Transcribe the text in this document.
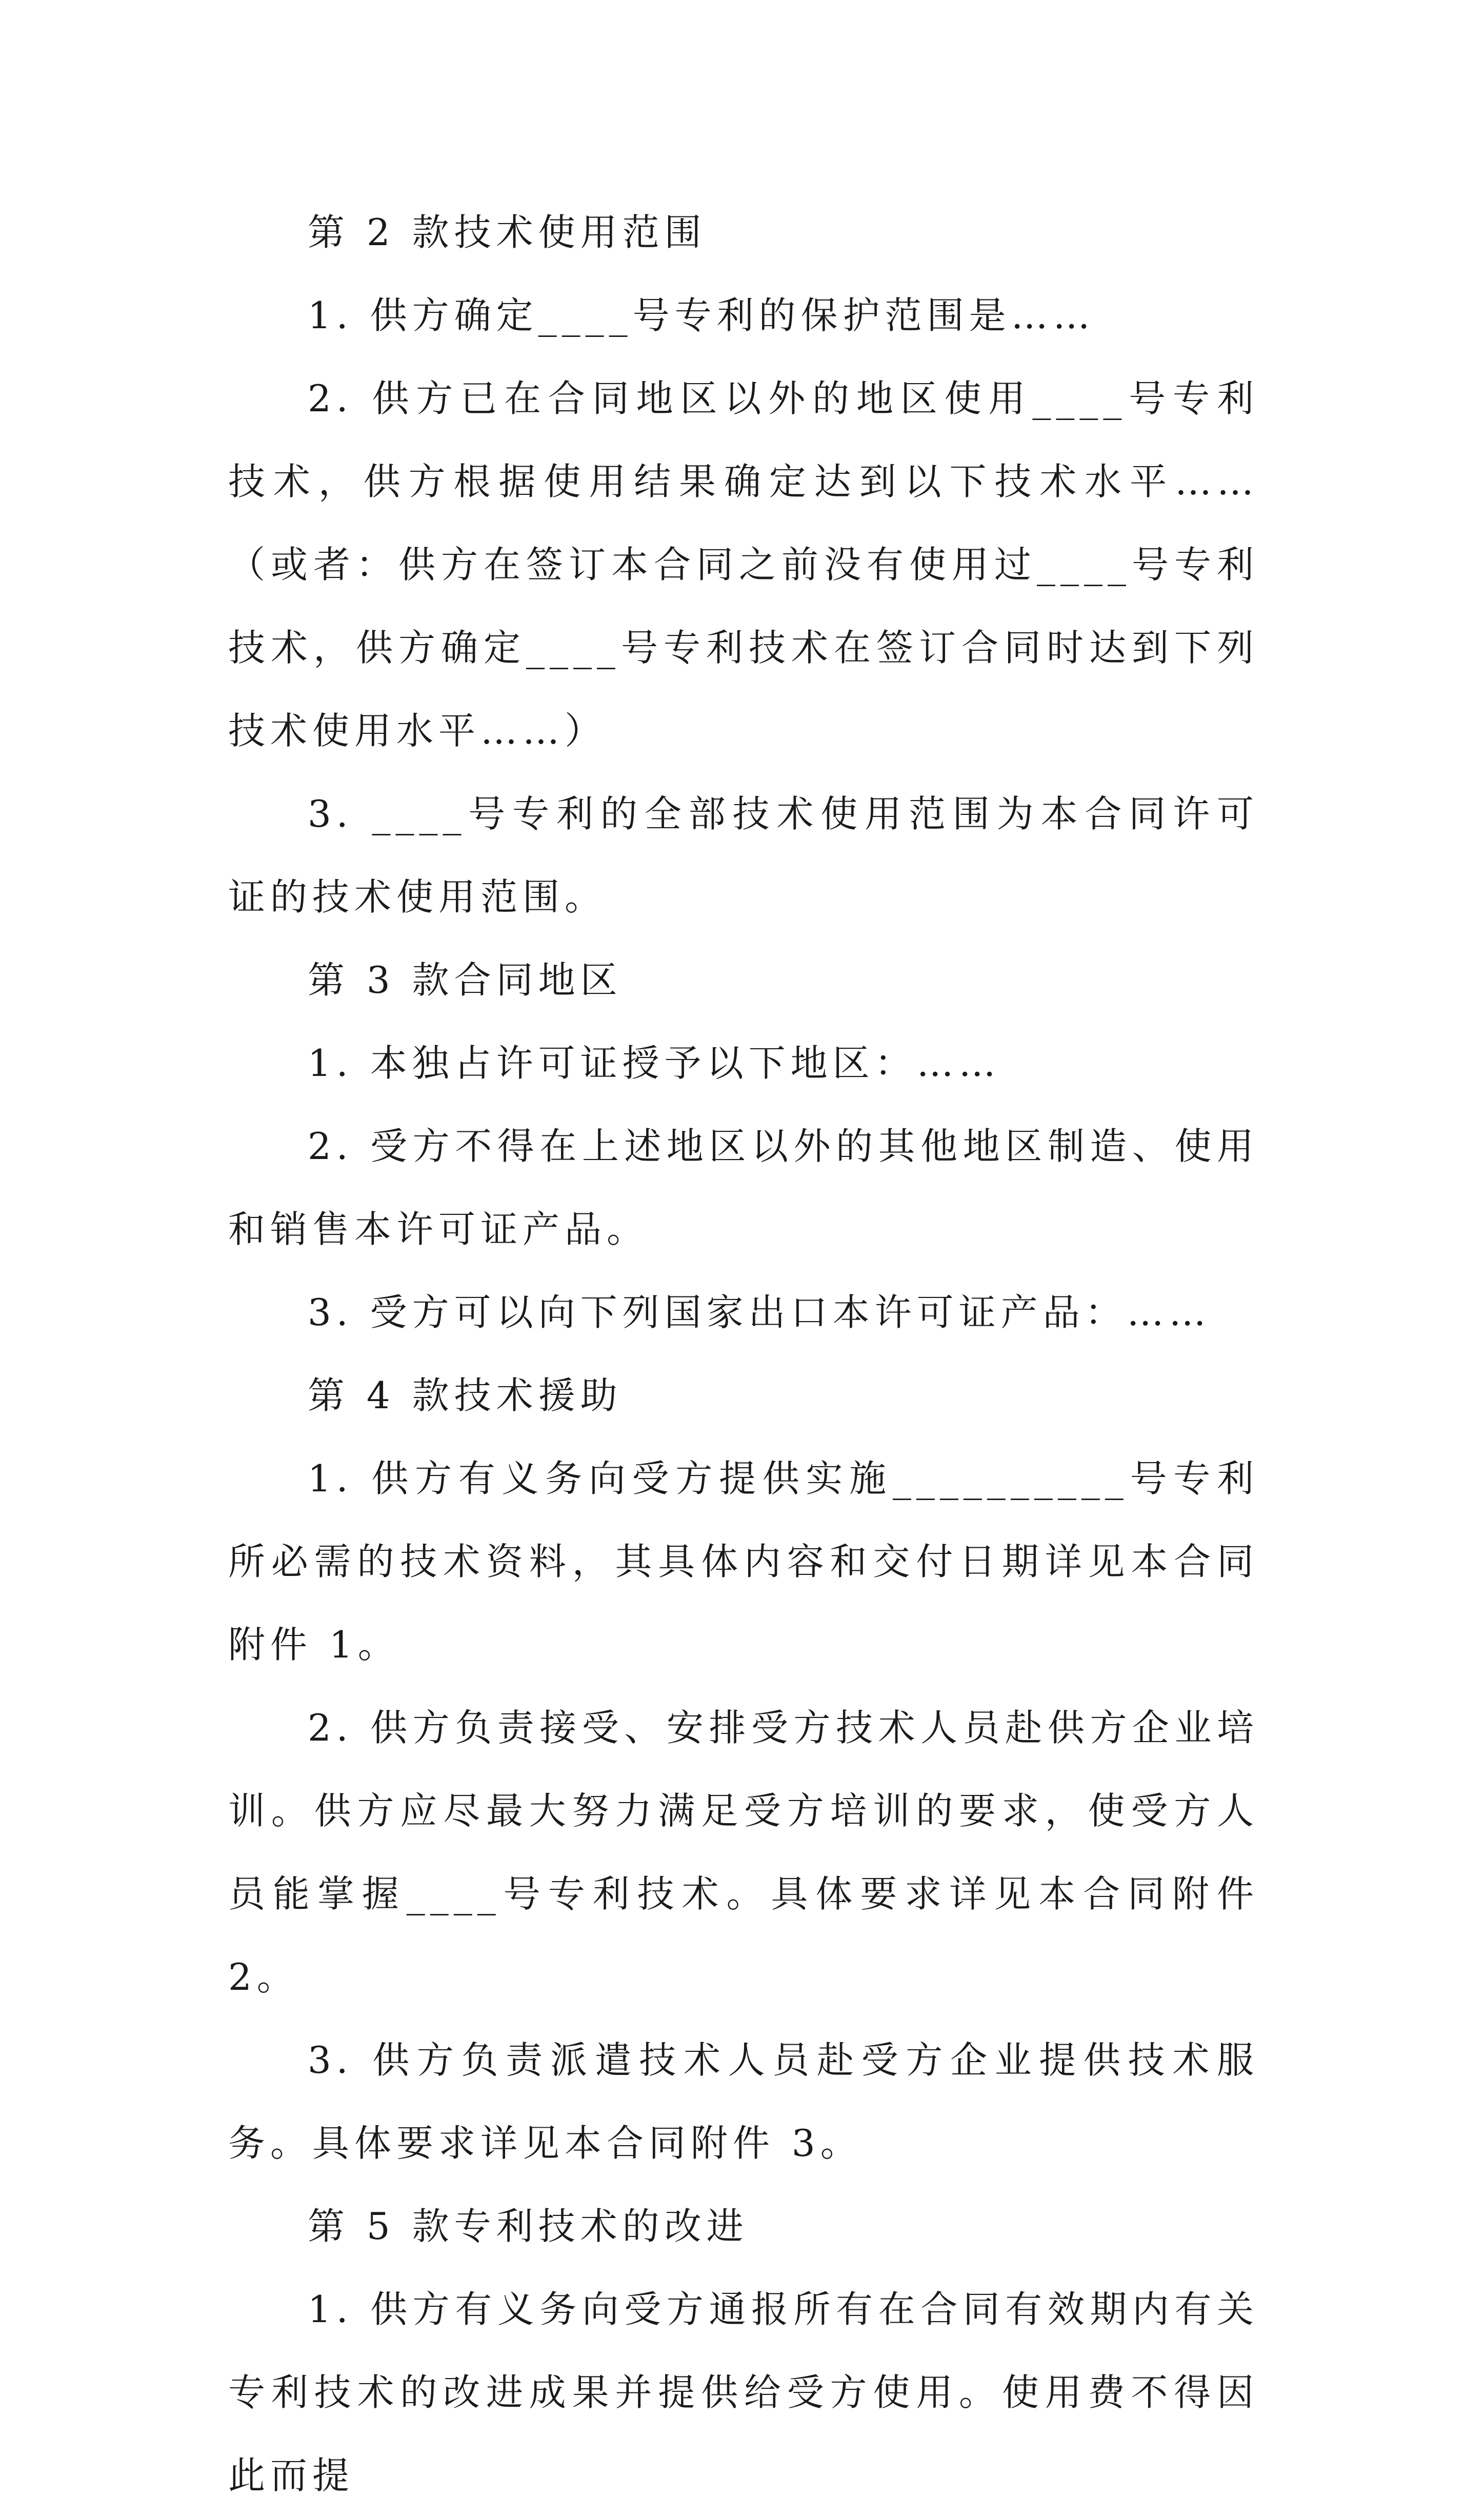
第 2 款技术使用范围

1. 供方确定____号专利的保护范围是……

2. 供方已在合同地区以外的地区使用____号专利技术，供方根据使用结果确定达到以下技术水平……（或者：供方在签订本合同之前没有使用过____号专利技术，供方确定____号专利技术在签订合同时达到下列技术使用水平……）

3. ____号专利的全部技术使用范围为本合同许可证的技术使用范围。

第 3 款合同地区

1. 本独占许可证授予以下地区：……

2. 受方不得在上述地区以外的其他地区制造、使用和销售本许可证产品。

3. 受方可以向下列国家出口本许可证产品：……

第 4 款技术援助

1. 供方有义务向受方提供实施__________号专利所必需的技术资料，其具体内容和交付日期详见本合同附件 1。

2. 供方负责接受、安排受方技术人员赴供方企业培训。供方应尽最大努力满足受方培训的要求，使受方人员能掌握____号专利技术。具体要求详见本合同附件 2。

3. 供方负责派遣技术人员赴受方企业提供技术服务。具体要求详见本合同附件 3。

第 5 款专利技术的改进

1. 供方有义务向受方通报所有在合同有效期内有关专利技术的改进成果并提供给受方使用。使用费不得因此而提
